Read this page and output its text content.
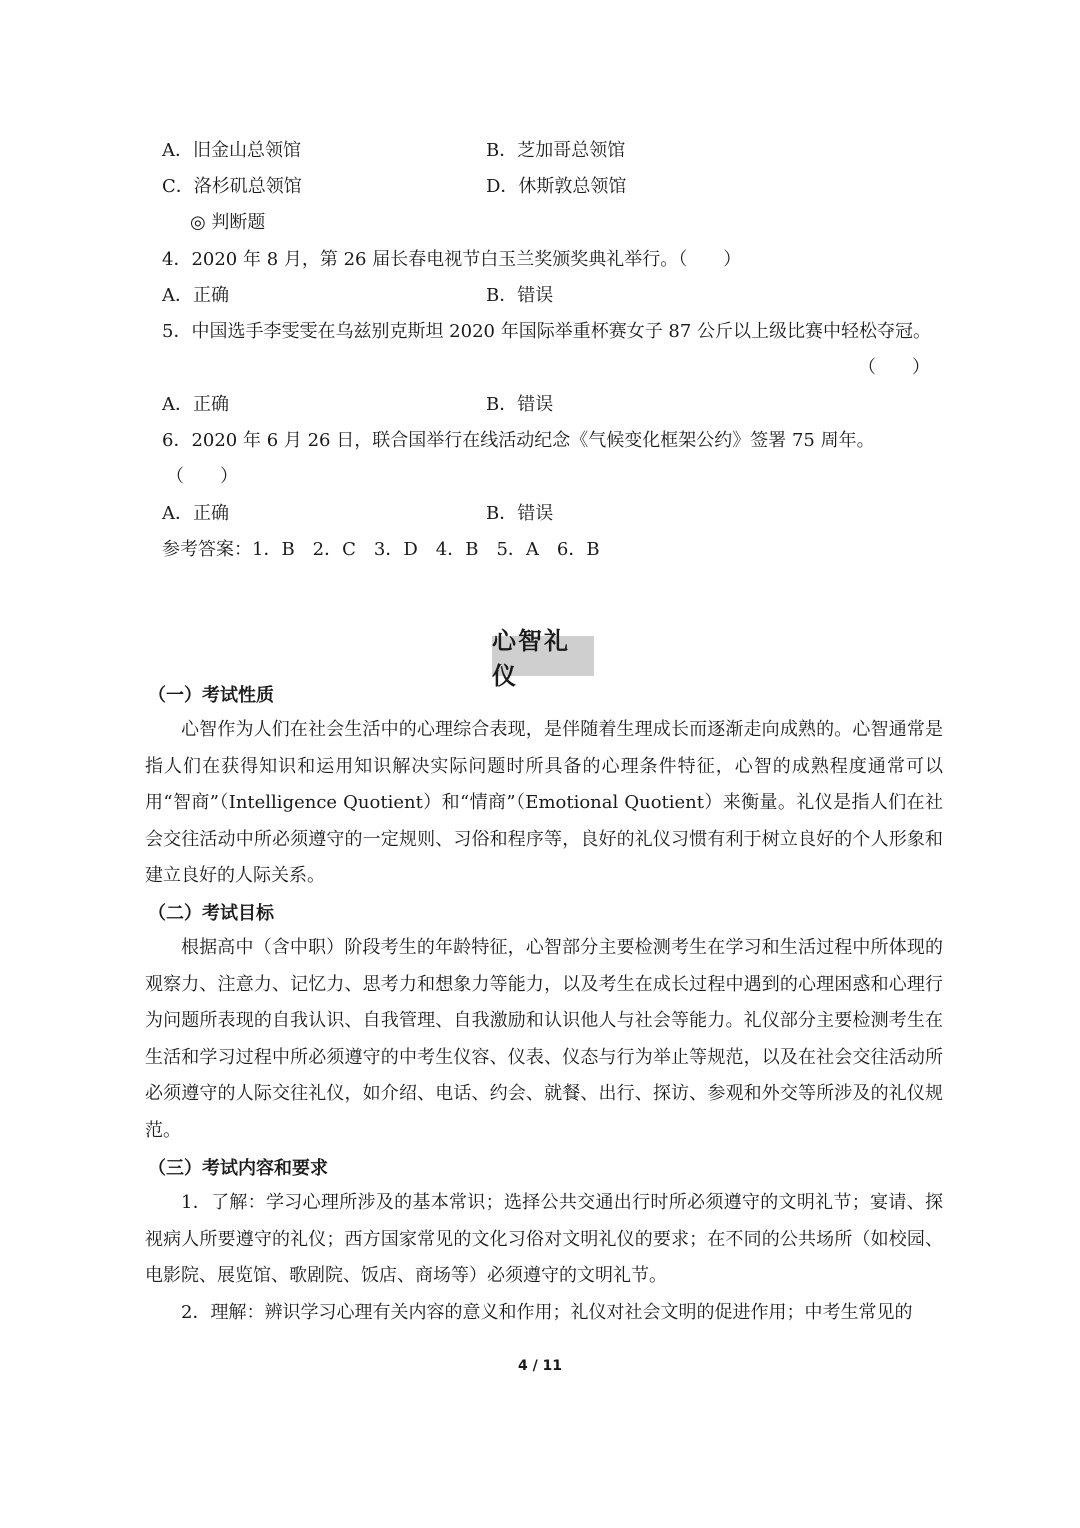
A．旧金山总领馆	B．芝加哥总领馆
C．洛杉矶总领馆	D．休斯敦总领馆
◎ 判断题
4．2020 年 8 月，第 26 届长春电视节白玉兰奖颁奖典礼举行。（　　）
A．正确	B．错误
5．中国选手李雯雯在乌兹别克斯坦 2020 年国际举重杯赛女子 87 公斤以上级比赛中轻松夺冠。
（　　）
A．正确	B．错误
6．2020 年 6 月 26 日，联合国举行在线活动纪念《气候变化框架公约》签署 75 周年。
（　　）
A．正确	B．错误
参考答案：1．B　2．C　3．D　4．B　5．A　6．B
心智礼仪
（一）考试性质
心智作为人们在社会生活中的心理综合表现，是伴随着生理成长而逐渐走向成熟的。心智通常是指人们在获得知识和运用知识解决实际问题时所具备的心理条件特征，心智的成熟程度通常可以用“智商”（Intelligence Quotient）和“情商”（Emotional Quotient）来衡量。礼仪是指人们在社会交往活动中所必须遵守的一定规则、习俗和程序等，良好的礼仪习惯有利于树立良好的个人形象和建立良好的人际关系。
（二）考试目标
根据高中（含中职）阶段考生的年龄特征，心智部分主要检测考生在学习和生活过程中所体现的观察力、注意力、记忆力、思考力和想象力等能力，以及考生在成长过程中遇到的心理困惑和心理行为问题所表现的自我认识、自我管理、自我激励和认识他人与社会等能力。礼仪部分主要检测考生在生活和学习过程中所必须遵守的中考生仪容、仪表、仪态与行为举止等规范，以及在社会交往活动所必须遵守的人际交往礼仪，如介绍、电话、约会、就餐、出行、探访、参观和外交等所涉及的礼仪规范。
（三）考试内容和要求
1．了解：学习心理所涉及的基本常识；选择公共交通出行时所必须遵守的文明礼节；宴请、探视病人所要遵守的礼仪；西方国家常见的文化习俗对文明礼仪的要求；在不同的公共场所（如校园、电影院、展览馆、歌剧院、饭店、商场等）必须遵守的文明礼节。
2．理解：辨识学习心理有关内容的意义和作用；礼仪对社会文明的促进作用；中考生常见的
4 / 11
